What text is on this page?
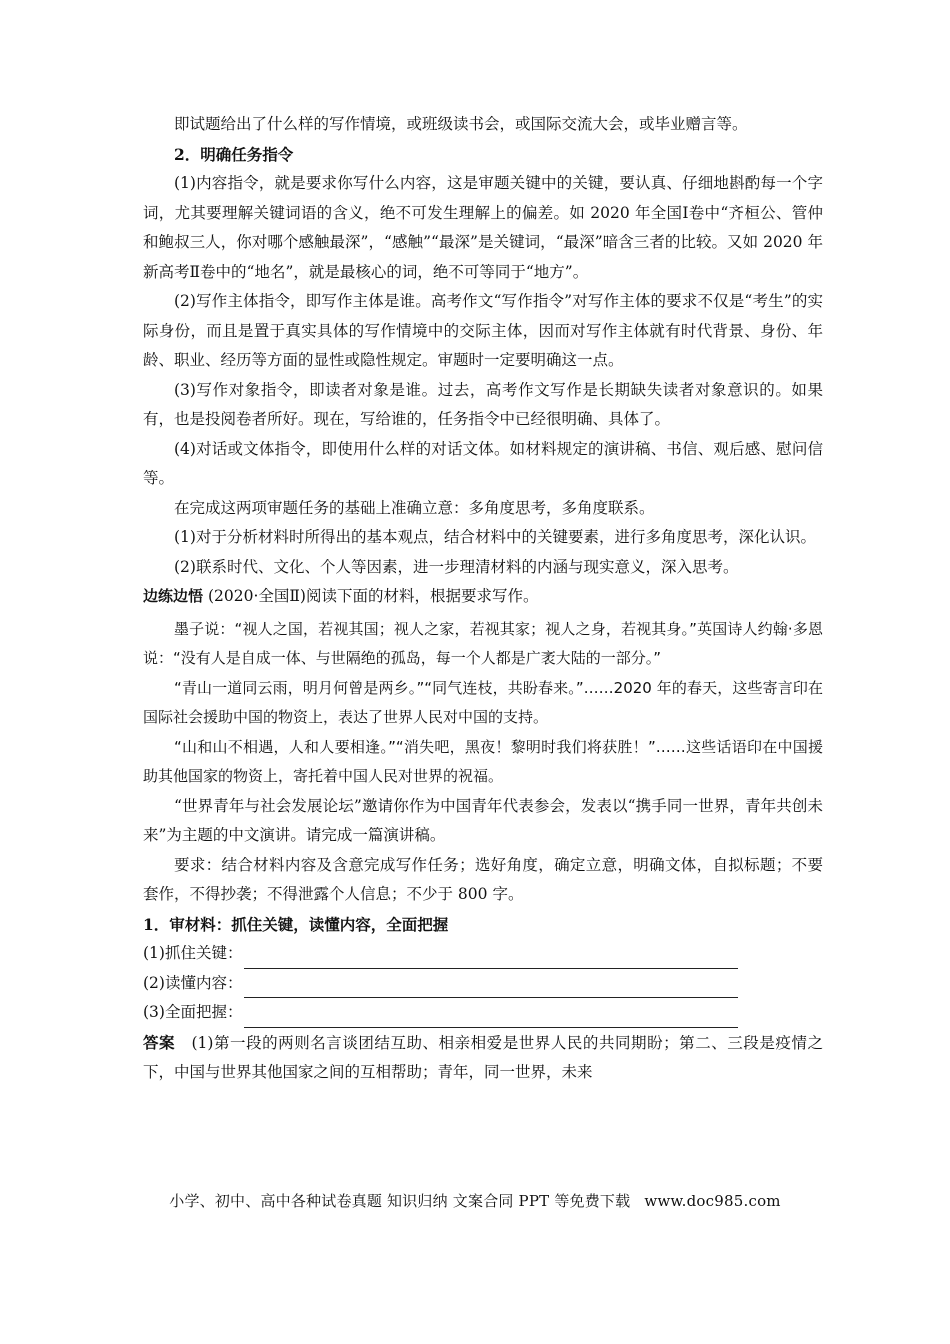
即试题给出了什么样的写作情境，或班级读书会，或国际交流大会，或毕业赠言等。

2．明确任务指令

(1)内容指令，就是要求你写什么内容，这是审题关键中的关键，要认真、仔细地斟酌每一个字词，尤其要理解关键词语的含义，绝不可发生理解上的偏差。如 2020 年全国Ⅰ卷中“齐桓公、管仲和鲍叔三人，你对哪个感触最深”，“感触”“最深”是关键词，“最深”暗含三者的比较。又如 2020 年新高考Ⅱ卷中的“地名”，就是最核心的词，绝不可等同于“地方”。

(2)写作主体指令，即写作主体是谁。高考作文“写作指令”对写作主体的要求不仅是“考生”的实际身份，而且是置于真实具体的写作情境中的交际主体，因而对写作主体就有时代背景、身份、年龄、职业、经历等方面的显性或隐性规定。审题时一定要明确这一点。

(3)写作对象指令，即读者对象是谁。过去，高考作文写作是长期缺失读者对象意识的。如果有，也是投阅卷者所好。现在，写给谁的，任务指令中已经很明确、具体了。

(4)对话或文体指令，即使用什么样的对话文体。如材料规定的演讲稿、书信、观后感、慰问信等。

在完成这两项审题任务的基础上准确立意：多角度思考，多角度联系。

(1)对于分析材料时所得出的基本观点，结合材料中的关键要素，进行多角度思考，深化认识。

(2)联系时代、文化、个人等因素，进一步理清材料的内涵与现实意义，深入思考。

边练边悟 (2020·全国Ⅱ)阅读下面的材料，根据要求写作。

墨子说：“视人之国，若视其国；视人之家，若视其家；视人之身，若视其身。”英国诗人约翰·多恩说：“没有人是自成一体、与世隔绝的孤岛，每一个人都是广袤大陆的一部分。”

“青山一道同云雨，明月何曾是两乡。”“同气连枝，共盼春来。”……2020 年的春天，这些寄言印在国际社会援助中国的物资上，表达了世界人民对中国的支持。

“山和山不相遇，人和人要相逢。”“消失吧，黑夜！黎明时我们将获胜！”……这些话语印在中国援助其他国家的物资上，寄托着中国人民对世界的祝福。

“世界青年与社会发展论坛”邀请你作为中国青年代表参会，发表以“携手同一世界，青年共创未来”为主题的中文演讲。请完成一篇演讲稿。

要求：结合材料内容及含意完成写作任务；选好角度，确定立意，明确文体，自拟标题；不要套作，不得抄袭；不得泄露个人信息；不少于 800 字。

1．审材料：抓住关键，读懂内容，全面把握

(1)抓住关键：
(2)读懂内容：
(3)全面把握：

答案 (1)第一段的两则名言谈团结互助、相亲相爱是世界人民的共同期盼；第二、三段是疫情之下，中国与世界其他国家之间的互相帮助；青年，同一世界，未来

小学、初中、高中各种试卷真题 知识归纳 文案合同 PPT 等免费下载 www.doc985.com
